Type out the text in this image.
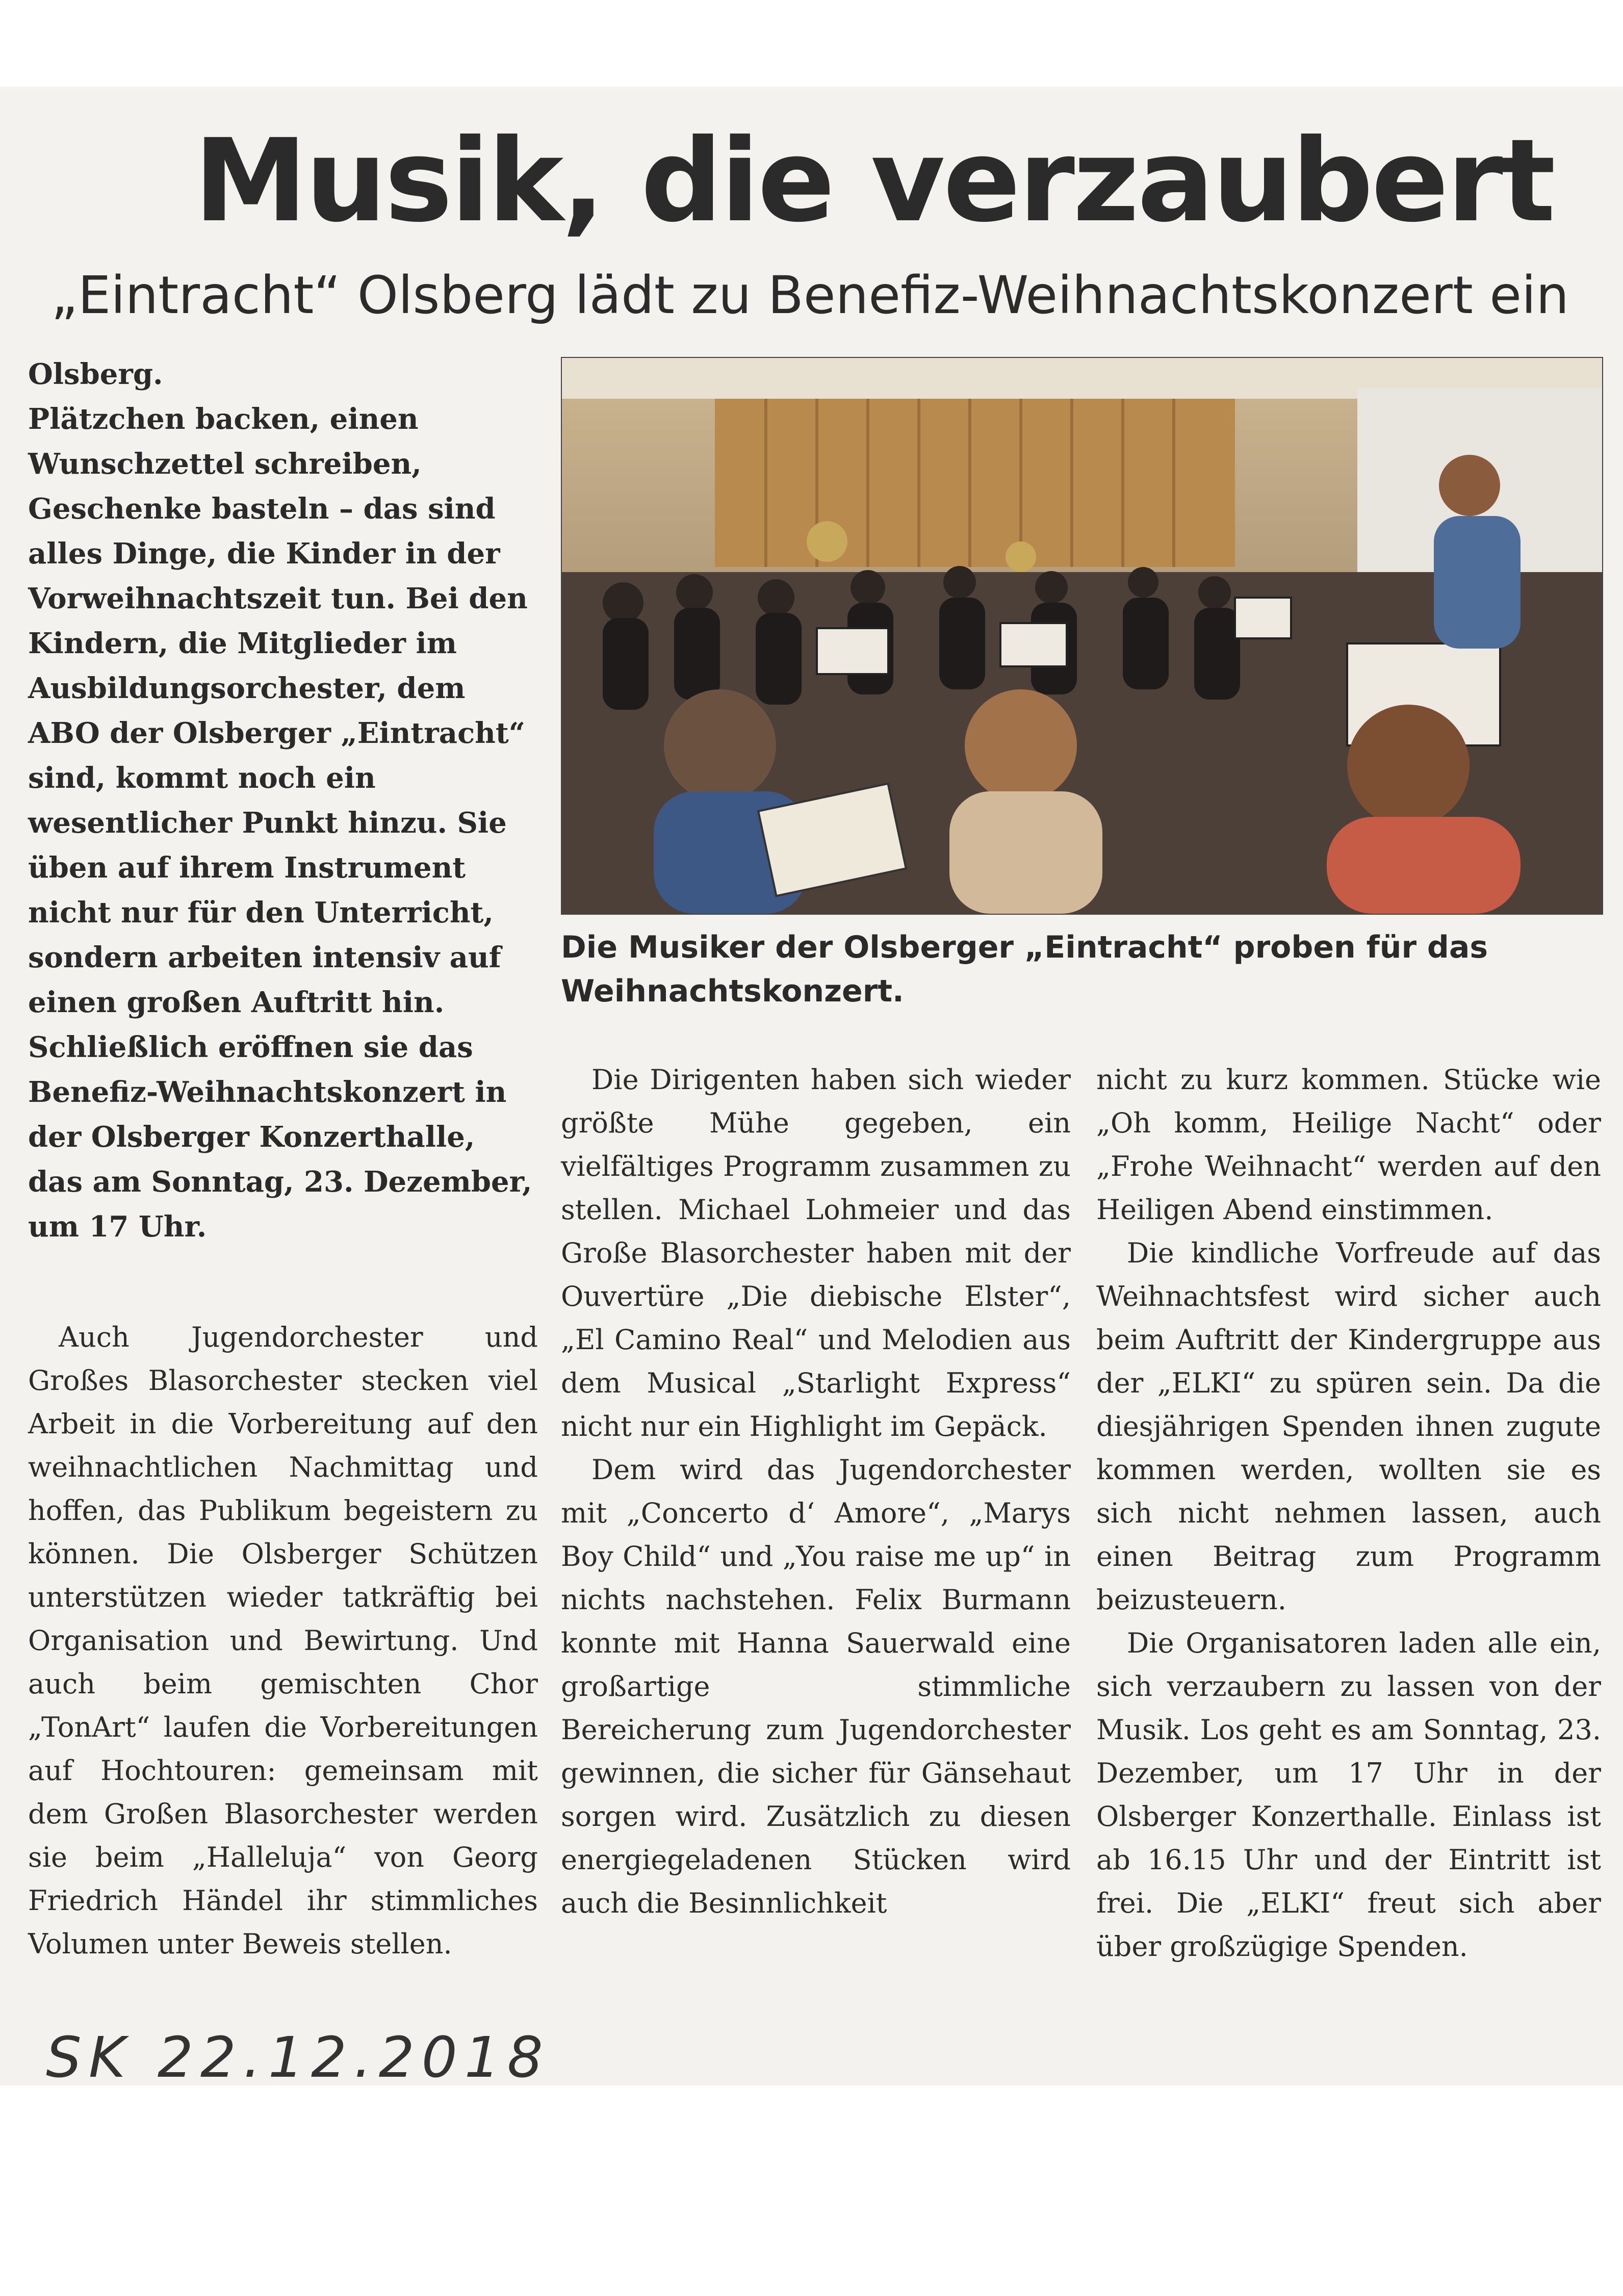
Musik, die verzaubert
„Eintracht“ Olsberg lädt zu Benefiz-Weihnachtskonzert ein

Olsberg.

Plätzchen backen, einen Wunschzettel schreiben, Geschenke basteln – das sind alles Dinge, die Kinder in der Vorweihnachtszeit tun. Bei den Kindern, die Mitglieder im Ausbildungsorchester, dem ABO der Olsberger „Eintracht“ sind, kommt noch ein wesentlicher Punkt hinzu. Sie üben auf ihrem Instrument nicht nur für den Unterricht, sondern arbeiten intensiv auf einen großen Auftritt hin. Schließlich eröffnen sie das Benefiz-Weihnachtskonzert in der Olsberger Konzerthalle, das am Sonntag, 23. Dezember, um 17 Uhr.

Die Musiker der Olsberger „Eintracht“ proben für das Weihnachtskonzert.

Auch Jugendorchester und Großes Blasorchester stecken viel Arbeit in die Vorbereitung auf den weihnachtlichen Nachmittag und hoffen, das Publikum begeistern zu können. Die Olsberger Schützen unterstützen wieder tatkräftig bei Organisation und Bewirtung. Und auch beim gemischten Chor „TonArt“ laufen die Vorbereitungen auf Hochtouren: gemeinsam mit dem Großen Blasorchester werden sie beim „Halleluja“ von Georg Friedrich Händel ihr stimmliches Volumen unter Beweis stellen.

Die Dirigenten haben sich wieder größte Mühe gegeben, ein vielfältiges Programm zusammen zu stellen. Michael Lohmeier und das Große Blasorchester haben mit der Ouvertüre „Die diebische Elster“, „El Camino Real“ und Melodien aus dem Musical „Starlight Express“ nicht nur ein Highlight im Gepäck.

Dem wird das Jugendorchester mit „Concerto d‘ Amore“, „Marys Boy Child“ und „You raise me up“ in nichts nachstehen. Felix Burmann konnte mit Hanna Sauerwald eine großartige stimmliche Bereicherung zum Jugendorchester gewinnen, die sicher für Gänsehaut sorgen wird. Zusätzlich zu diesen energiegeladenen Stücken wird auch die Besinnlichkeit

nicht zu kurz kommen. Stücke wie „Oh komm, Heilige Nacht“ oder „Frohe Weihnacht“ werden auf den Heiligen Abend einstimmen.

Die kindliche Vorfreude auf das Weihnachtsfest wird sicher auch beim Auftritt der Kindergruppe aus der „ELKI“ zu spüren sein. Da die diesjährigen Spenden ihnen zugute kommen werden, wollten sie es sich nicht nehmen lassen, auch einen Beitrag zum Programm beizusteuern.

Die Organisatoren laden alle ein, sich verzaubern zu lassen von der Musik. Los geht es am Sonntag, 23. Dezember, um 17 Uhr in der Olsberger Konzerthalle. Einlass ist ab 16.15 Uhr und der Eintritt ist frei. Die „ELKI“ freut sich aber über großzügige Spenden.

SK 22.12.2018
